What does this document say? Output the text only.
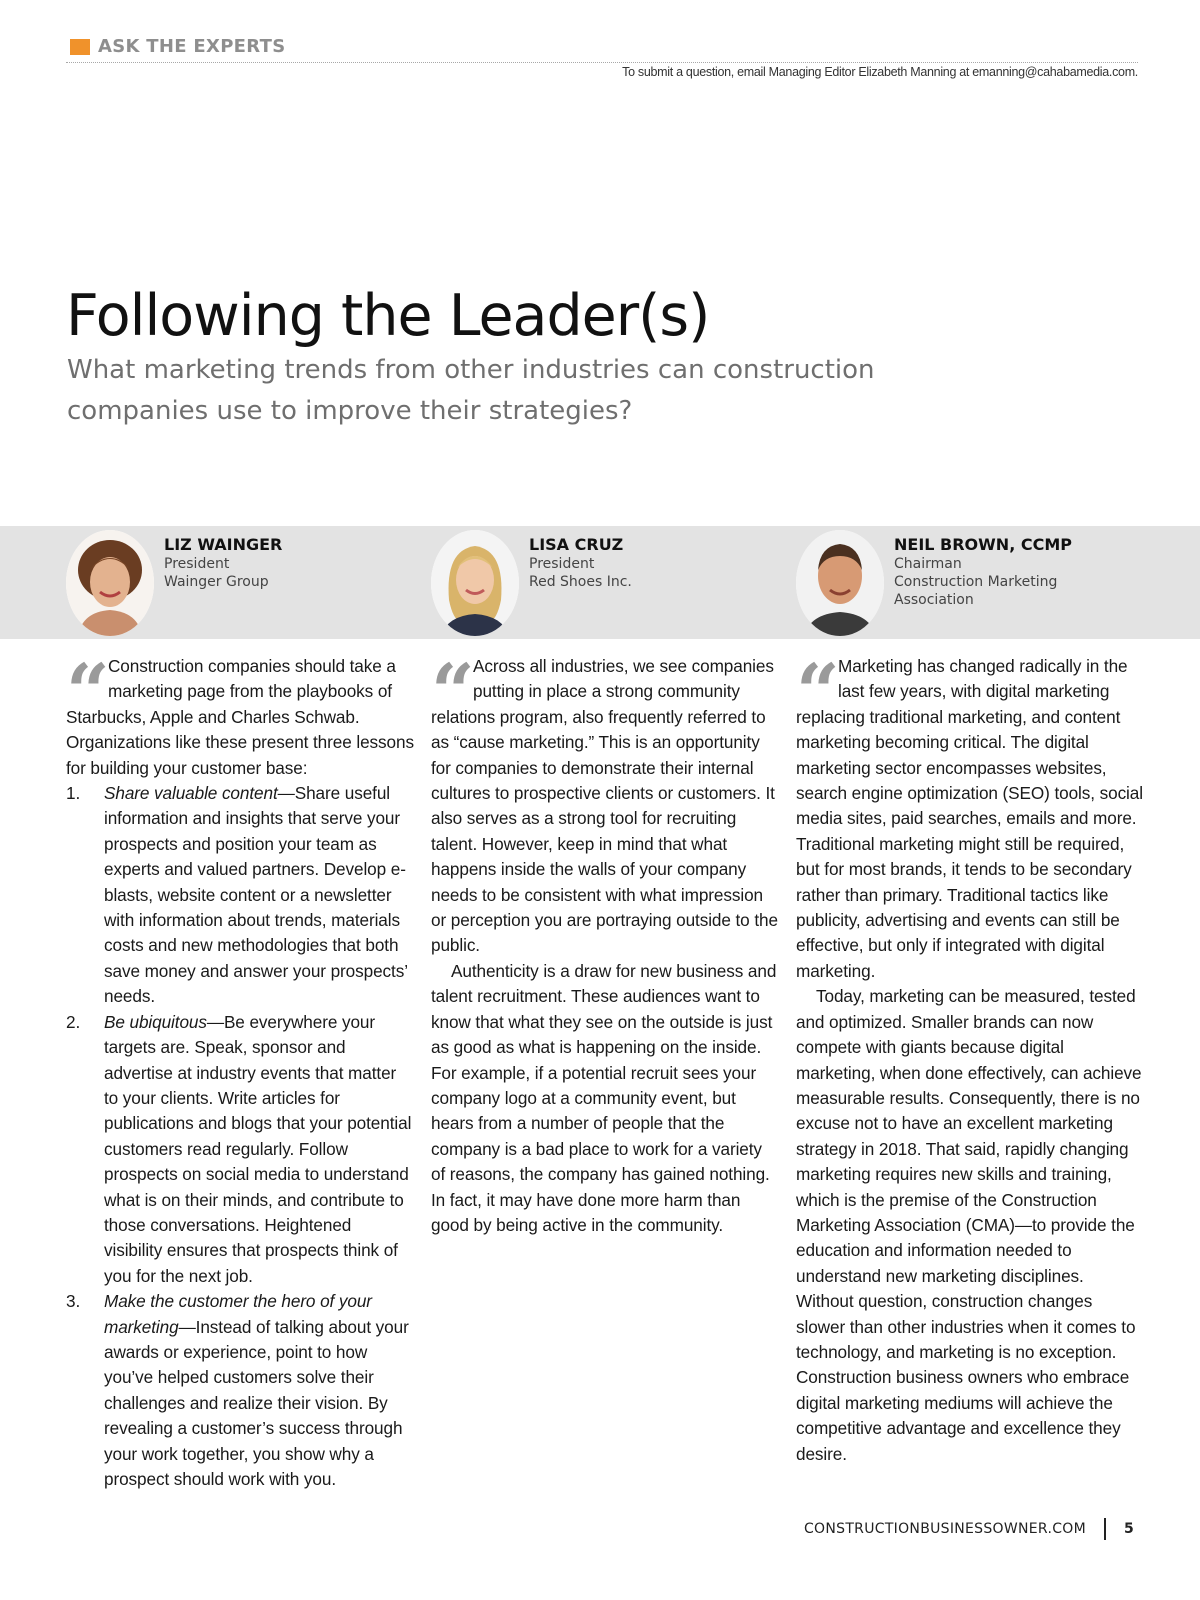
ASK THE EXPERTS
To submit a question, email Managing Editor Elizabeth Manning at emanning@cahabamedia.com.
Following the Leader(s)
What marketing trends from other industries can construction companies use to improve their strategies?
LIZ WAINGER
President
Wainger Group
LISA CRUZ
President
Red Shoes Inc.
NEIL BROWN, CCMP
Chairman
Construction Marketing
Association
“

Construction companies should take a marketing page from the playbooks of Starbucks, Apple and Charles Schwab. Organizations like these present three lessons for building your customer base:

1. Share valuable content—Share useful information and insights that serve your prospects and position your team as experts and valued partners. Develop e-blasts, website content or a newsletter with information about trends, materials costs and new methodologies that both save money and answer your prospects’ needs.
2. Be ubiquitous—Be everywhere your targets are. Speak, sponsor and advertise at industry events that matter to your clients. Write articles for publications and blogs that your potential customers read regularly. Follow prospects on social media to understand what is on their minds, and contribute to those conversations. Heightened visibility ensures that prospects think of you for the next job.
3. Make the customer the hero of your marketing—Instead of talking about your awards or experience, point to how you’ve helped customers solve their challenges and realize their vision. By revealing a customer’s success through your work together, you show why a prospect should work with you.
“

Across all industries, we see companies putting in place a strong community relations program, also frequently referred to as “cause marketing.” This is an opportunity for companies to demonstrate their internal cultures to prospective clients or customers. It also serves as a strong tool for recruiting talent. However, keep in mind that what happens inside the walls of your company needs to be consistent with what impression or perception you are portraying outside to the public.

Authenticity is a draw for new business and talent recruitment. These audiences want to know that what they see on the outside is just as good as what is happening on the inside. For example, if a potential recruit sees your company logo at a community event, but hears from a number of people that the company is a bad place to work for a variety of reasons, the company has gained nothing. In fact, it may have done more harm than good by being active in the community.

“

Marketing has changed radically in the last few years, with digital marketing replacing traditional marketing, and content marketing becoming critical. The digital marketing sector encompasses websites, search engine optimization (SEO) tools, social media sites, paid searches, emails and more. Traditional marketing might still be required, but for most brands, it tends to be secondary rather than primary. Traditional tactics like publicity, advertising and events can still be effective, but only if integrated with digital marketing.

Today, marketing can be measured, tested and optimized. Smaller brands can now compete with giants because digital marketing, when done effectively, can achieve measurable results. Consequently, there is no excuse not to have an excellent marketing strategy in 2018. That said, rapidly changing marketing requires new skills and training, which is the premise of the Construction Marketing Association (CMA)—to provide the education and information needed to understand new marketing disciplines. Without question, construction changes slower than other industries when it comes to technology, and marketing is no exception. Construction business owners who embrace digital marketing mediums will achieve the competitive advantage and excellence they desire.

CONSTRUCTIONBUSINESSOWNER.COM	5
